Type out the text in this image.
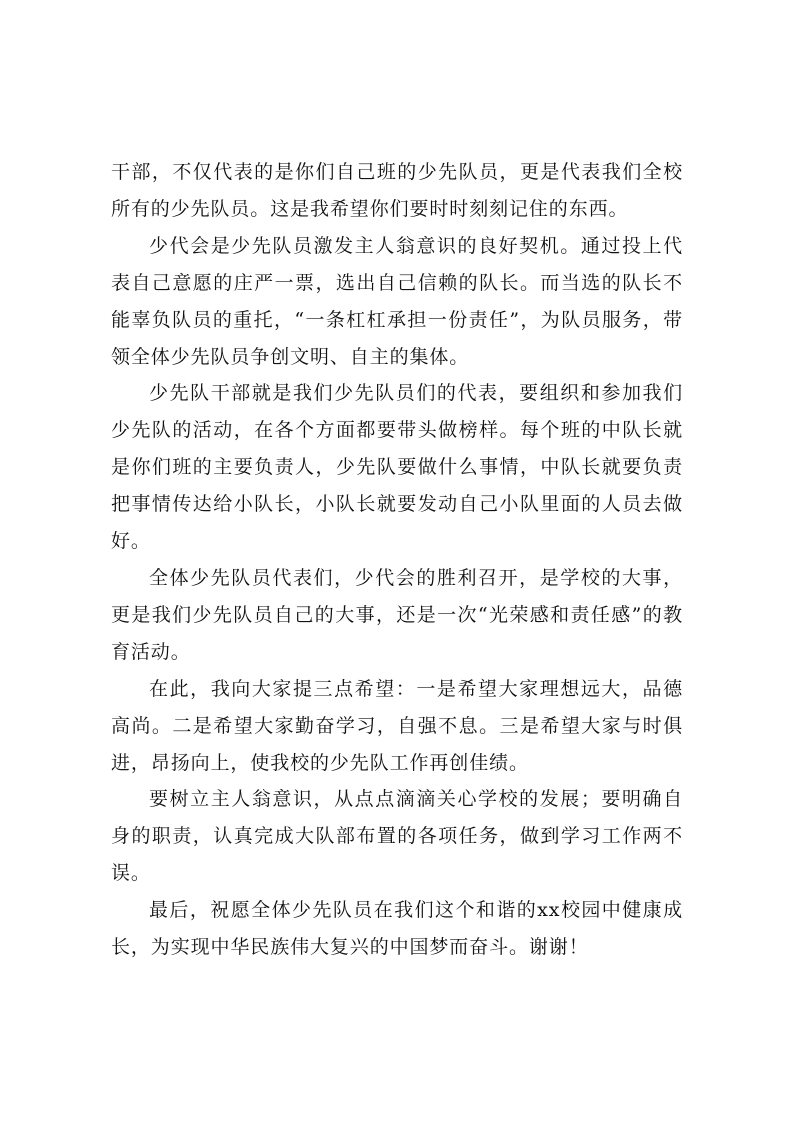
干部，不仅代表的是你们自己班的少先队员，更是代表我们全校所有的少先队员。这是我希望你们要时时刻刻记住的东西。

少代会是少先队员激发主人翁意识的良好契机。通过投上代表自己意愿的庄严一票，选出自己信赖的队长。而当选的队长不能辜负队员的重托，“一条杠杠承担一份责任”，为队员服务，带领全体少先队员争创文明、自主的集体。

少先队干部就是我们少先队员们的代表，要组织和参加我们少先队的活动，在各个方面都要带头做榜样。每个班的中队长就是你们班的主要负责人，少先队要做什么事情，中队长就要负责把事情传达给小队长，小队长就要发动自己小队里面的人员去做好。

全体少先队员代表们，少代会的胜利召开，是学校的大事，更是我们少先队员自己的大事，还是一次“光荣感和责任感”的教育活动。

在此，我向大家提三点希望：一是希望大家理想远大，品德高尚。二是希望大家勤奋学习，自强不息。三是希望大家与时俱进，昂扬向上，使我校的少先队工作再创佳绩。

要树立主人翁意识，从点点滴滴关心学校的发展；要明确自身的职责，认真完成大队部布置的各项任务，做到学习工作两不误。

最后，祝愿全体少先队员在我们这个和谐的xx校园中健康成长，为实现中华民族伟大复兴的中国梦而奋斗。谢谢！
